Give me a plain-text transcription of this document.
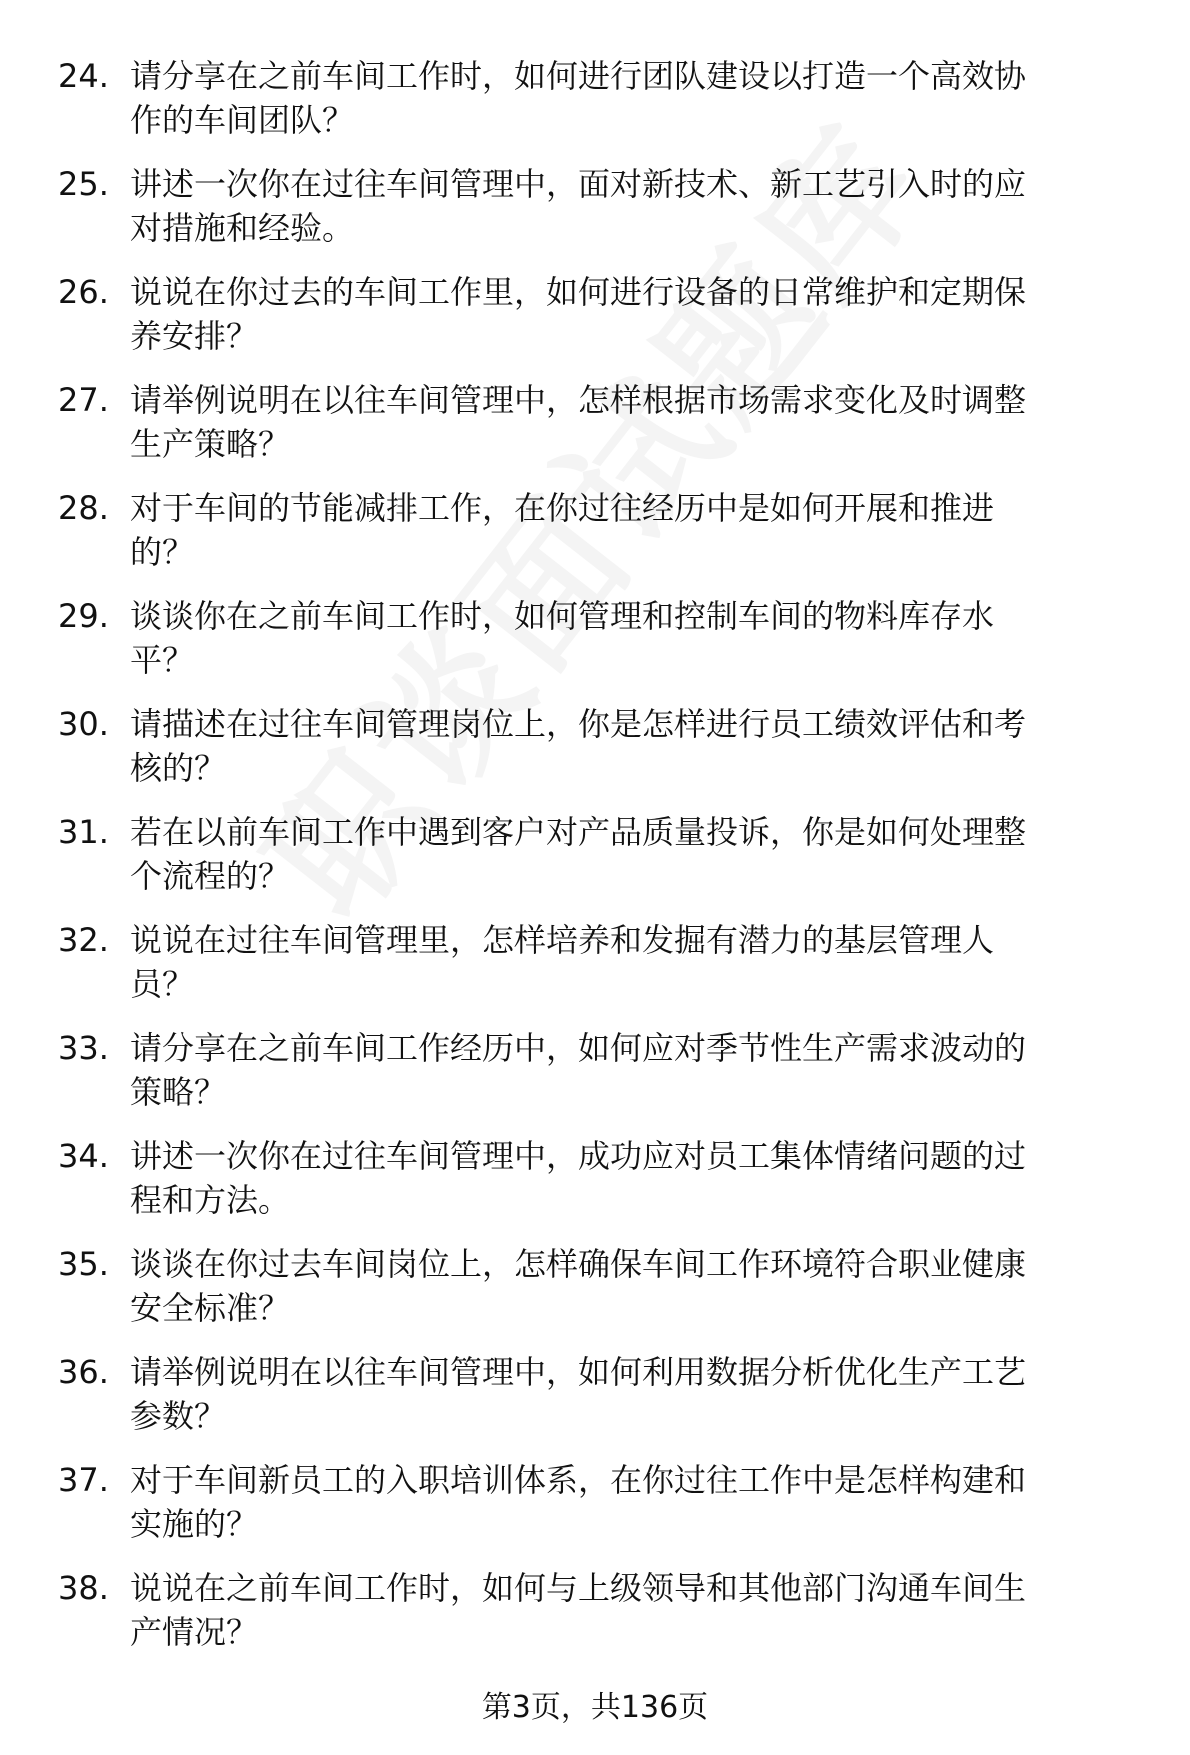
24. 请分享在之前车间工作时，如何进行团队建设以打造一个高效协
作的车间团队？
25. 讲述一次你在过往车间管理中，面对新技术、新工艺引入时的应
对措施和经验。
26. 说说在你过去的车间工作里，如何进行设备的日常维护和定期保
养安排？
27. 请举例说明在以往车间管理中，怎样根据市场需求变化及时调整
生产策略？
28. 对于车间的节能减排工作，在你过往经历中是如何开展和推进
的？
29. 谈谈你在之前车间工作时，如何管理和控制车间的物料库存水
平？
30. 请描述在过往车间管理岗位上，你是怎样进行员工绩效评估和考
核的？
31. 若在以前车间工作中遇到客户对产品质量投诉，你是如何处理整
个流程的？
32. 说说在过往车间管理里，怎样培养和发掘有潜力的基层管理人
员？
33. 请分享在之前车间工作经历中，如何应对季节性生产需求波动的
策略？
34. 讲述一次你在过往车间管理中，成功应对员工集体情绪问题的过
程和方法。
35. 谈谈在你过去车间岗位上，怎样确保车间工作环境符合职业健康
安全标准？
36. 请举例说明在以往车间管理中，如何利用数据分析优化生产工艺
参数？
37. 对于车间新员工的入职培训体系，在你过往工作中是怎样构建和
实施的？
38. 说说在之前车间工作时，如何与上级领导和其他部门沟通车间生
产情况？
第3页，共136页
